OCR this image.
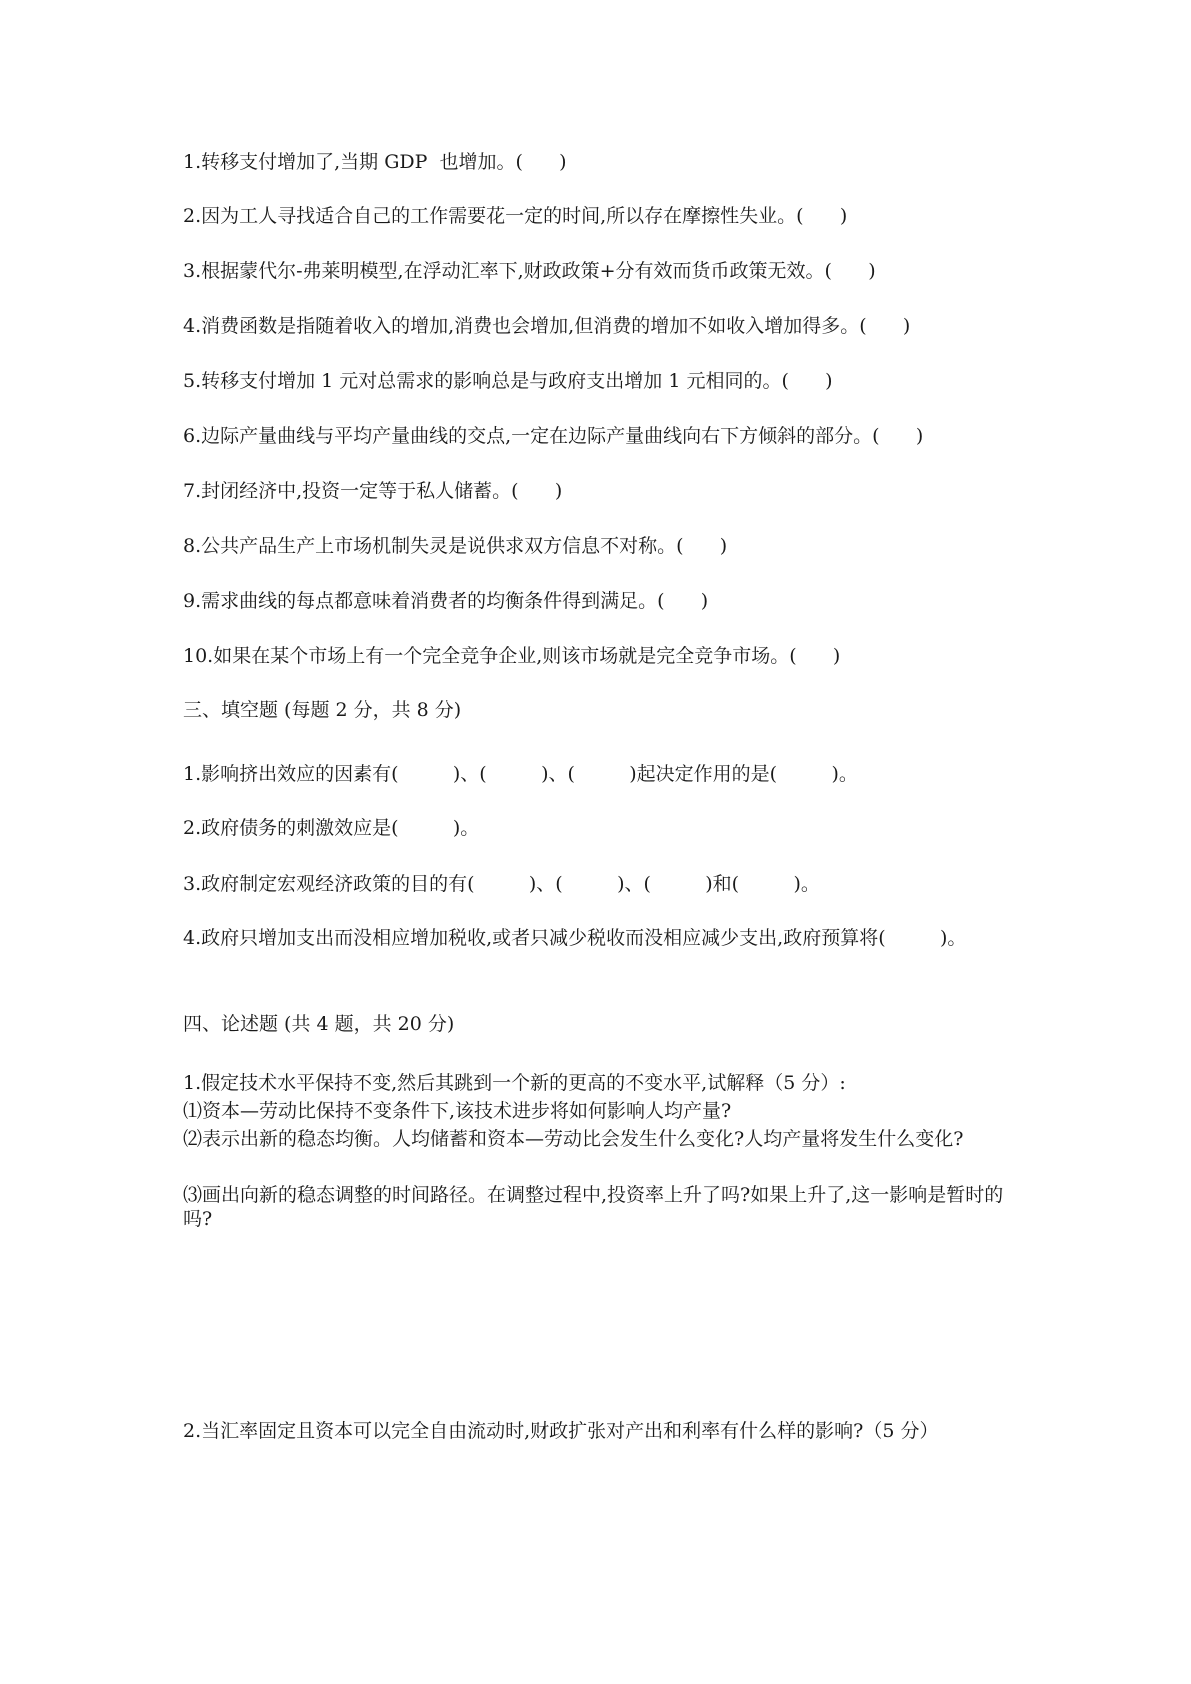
1.转移支付增加了,当期 GDP  也增加。(      )

2.因为工人寻找适合自己的工作需要花一定的时间,所以存在摩擦性失业。(      )

3.根据蒙代尔-弗莱明模型,在浮动汇率下,财政政策+分有效而货币政策无效。(      )

4.消费函数是指随着收入的增加,消费也会增加,但消费的增加不如收入增加得多。(      )

5.转移支付增加 1 元对总需求的影响总是与政府支出增加 1 元相同的。(      )

6.边际产量曲线与平均产量曲线的交点,一定在边际产量曲线向右下方倾斜的部分。(      )

7.封闭经济中,投资一定等于私人储蓄。(      )

8.公共产品生产上市场机制失灵是说供求双方信息不对称。(      )

9.需求曲线的每点都意味着消费者的均衡条件得到满足。(      )

10.如果在某个市场上有一个完全竞争企业,则该市场就是完全竞争市场。(      )

三、填空题 (每题 2 分，共 8 分)

1.影响挤出效应的因素有(         )、(         )、(         )起决定作用的是(         )。

2.政府债务的刺激效应是(         )。

3.政府制定宏观经济政策的目的有(         )、(         )、(         )和(         )。

4.政府只增加支出而没相应增加税收,或者只减少税收而没相应减少支出,政府预算将(         )。

四、论述题 (共 4 题，共 20 分)

1.假定技术水平保持不变,然后其跳到一个新的更高的不变水平,试解释（5 分）:

⑴资本—劳动比保持不变条件下,该技术进步将如何影响人均产量?

⑵表示出新的稳态均衡。人均储蓄和资本—劳动比会发生什么变化?人均产量将发生什么变化?

⑶画出向新的稳态调整的时间路径。在调整过程中,投资率上升了吗?如果上升了,这一影响是暂时的吗?

2.当汇率固定且资本可以完全自由流动时,财政扩张对产出和利率有什么样的影响?（5 分）
